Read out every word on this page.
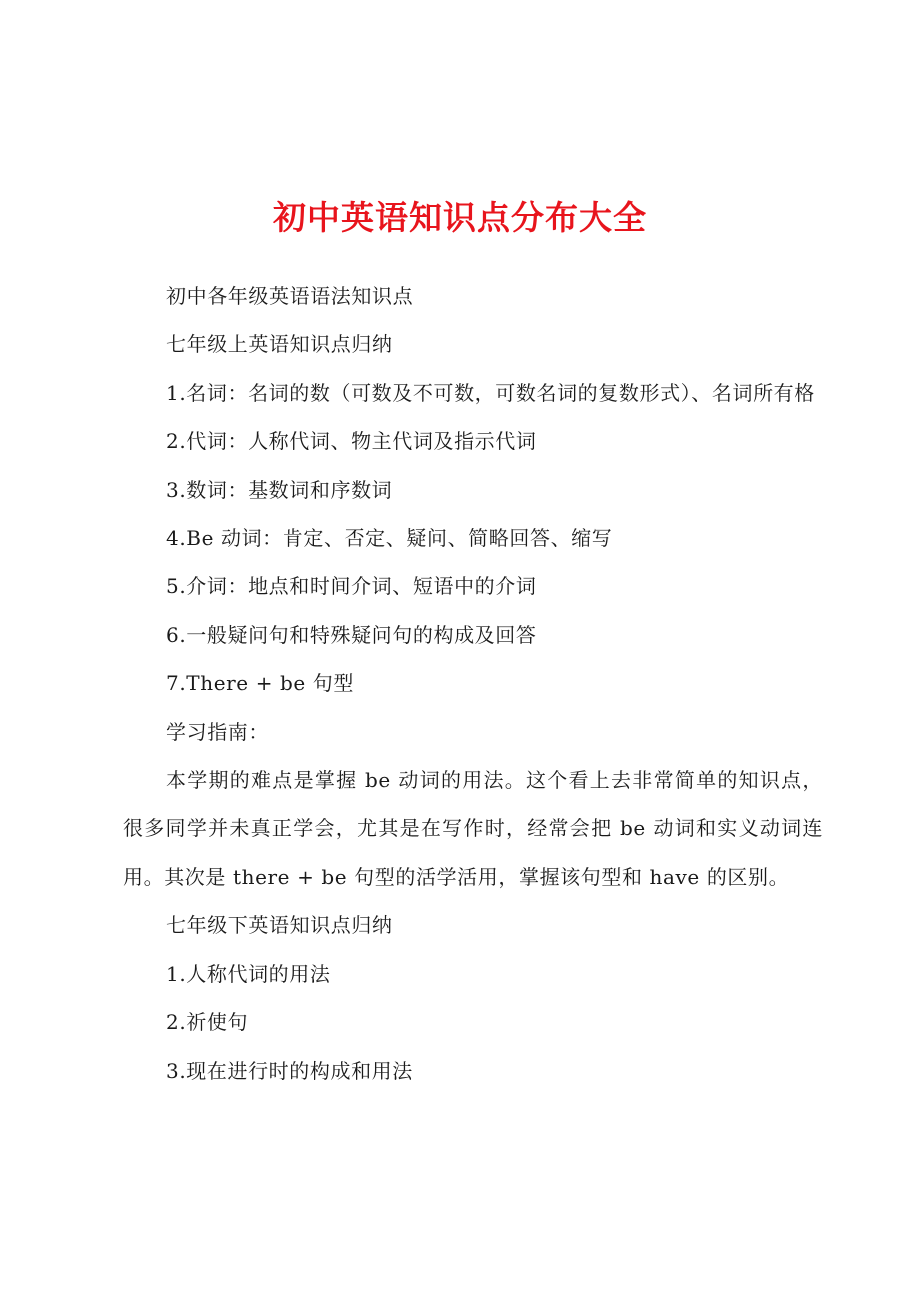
初中英语知识点分布大全

初中各年级英语语法知识点

七年级上英语知识点归纳

1.名词：名词的数（可数及不可数，可数名词的复数形式）、名词所有格

2.代词：人称代词、物主代词及指示代词

3.数词：基数词和序数词

4.Be 动词：肯定、否定、疑问、简略回答、缩写

5.介词：地点和时间介词、短语中的介词

6.一般疑问句和特殊疑问句的构成及回答

7.There + be 句型

学习指南：

本学期的难点是掌握 be 动词的用法。这个看上去非常简单的知识点，很多同学并未真正学会，尤其是在写作时，经常会把 be 动词和实义动词连用。其次是 there + be 句型的活学活用，掌握该句型和 have 的区别。

七年级下英语知识点归纳

1.人称代词的用法

2.祈使句

3.现在进行时的构成和用法
